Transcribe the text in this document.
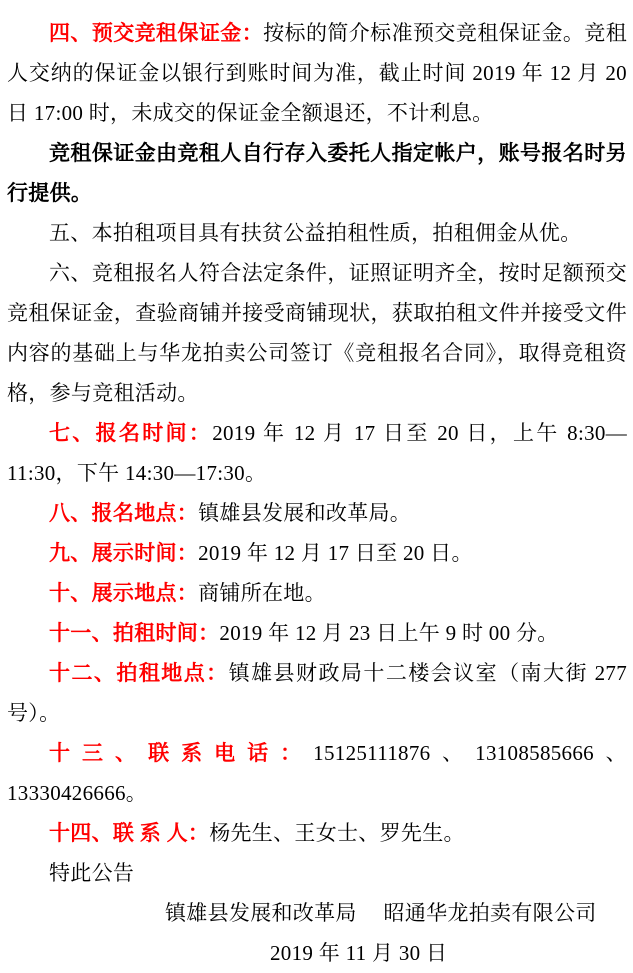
四、预交竞租保证金：按标的简介标准预交竞租保证金。竞租人交纳的保证金以银行到账时间为准，截止时间 2019 年 12 月 20 日 17:00 时，未成交的保证金全额退还，不计利息。

竞租保证金由竞租人自行存入委托人指定帐户，账号报名时另行提供。

五、本拍租项目具有扶贫公益拍租性质，拍租佣金从优。

六、竞租报名人符合法定条件，证照证明齐全，按时足额预交竞租保证金，查验商铺并接受商铺现状，获取拍租文件并接受文件内容的基础上与华龙拍卖公司签订《竞租报名合同》，取得竞租资格，参与竞租活动。

七、报名时间：2019 年 12 月 17 日至 20 日，上午 8:30—11:30，下午 14:30—17:30。

八、报名地点：镇雄县发展和改革局。

九、展示时间：2019 年 12 月 17 日至 20 日。

十、展示地点：商铺所在地。

十一、拍租时间：2019 年 12 月 23 日上午 9 时 00 分。

十二、拍租地点：镇雄县财政局十二楼会议室（南大街 277 号）。

十三、联系电话：15125111876、13108585666、13330426666。

十四、联 系 人：杨先生、王女士、罗先生。

特此公告

镇雄县发展和改革局　 昭通华龙拍卖有限公司

2019 年 11 月 30 日
